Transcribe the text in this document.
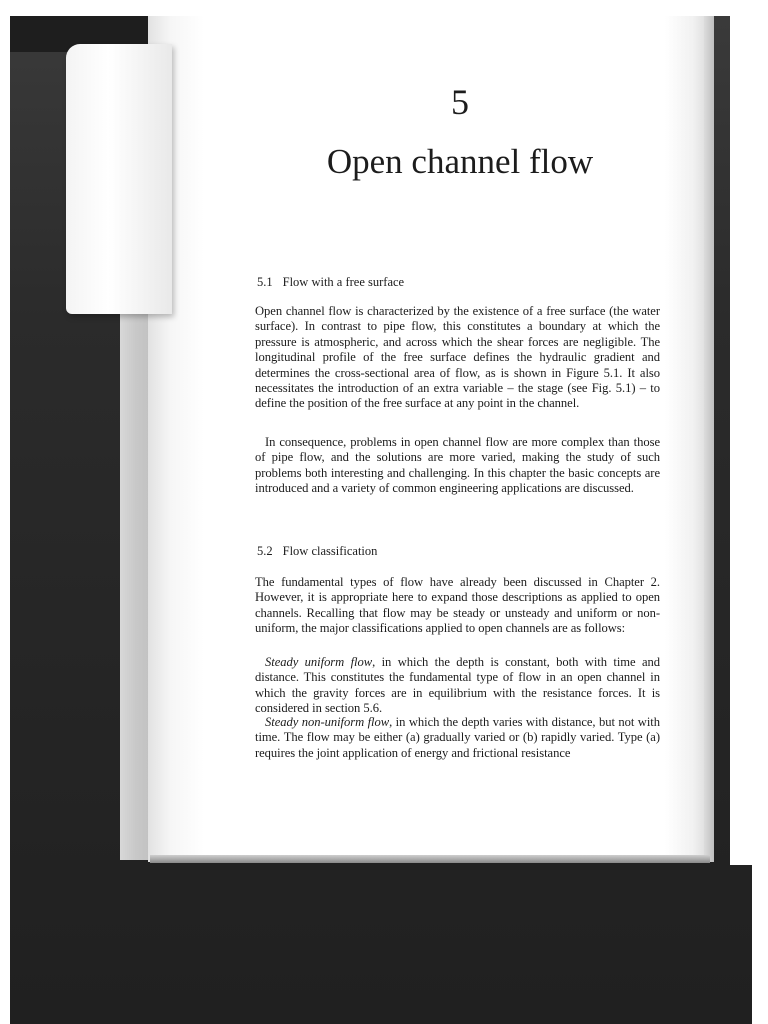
5
Open channel flow
5.1 Flow with a free surface

Open channel flow is characterized by the existence of a free surface (the water surface). In contrast to pipe flow, this constitutes a boundary at which the pressure is atmospheric, and across which the shear forces are negligible. The longitudinal profile of the free surface defines the hydraulic gradient and determines the cross-sectional area of flow, as is shown in Figure 5.1. It also necessitates the introduction of an extra variable – the stage (see Fig. 5.1) – to define the position of the free surface at any point in the channel.

In consequence, problems in open channel flow are more complex than those of pipe flow, and the solutions are more varied, making the study of such problems both interesting and challenging. In this chapter the basic concepts are introduced and a variety of common engineering applications are discussed.

5.2 Flow classification

The fundamental types of flow have already been discussed in Chapter 2. However, it is appropriate here to expand those descriptions as applied to open channels. Recalling that flow may be steady or unsteady and uniform or non-uniform, the major classifications applied to open channels are as follows:

Steady uniform flow, in which the depth is constant, both with time and distance. This constitutes the fundamental type of flow in an open channel in which the gravity forces are in equilibrium with the resistance forces. It is considered in section 5.6.

Steady non-uniform flow, in which the depth varies with distance, but not with time. The flow may be either (a) gradually varied or (b) rapidly varied. Type (a) requires the joint application of energy and frictional resistance
